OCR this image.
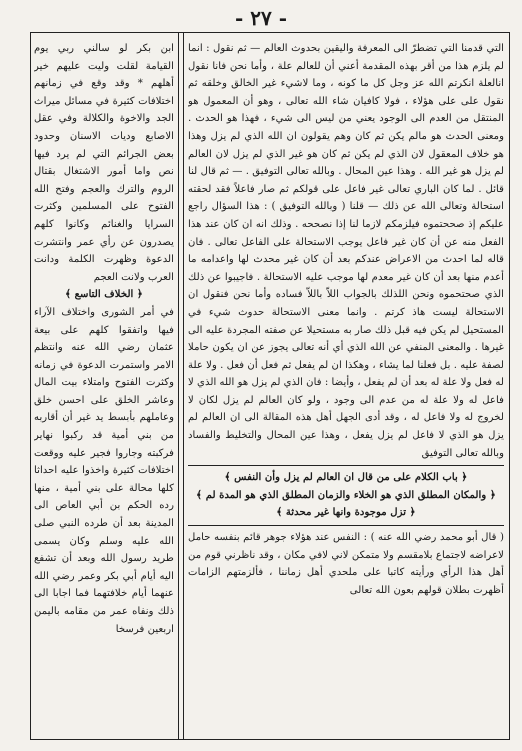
- ٢٧ -

التي قدمنا التي تضطرّ الى المعرفة واليقين بحدوث العالم — ثم نقول : انما لم يلزم هذا من أقر بهذه المقدمة أعني أن للعالم علة ، وأما نحن فانا نقول انالعلة انكرتم الله عز وجل كل ما كونه ، وما لاشيء غير الخالق وخلقه ثم نقول على على هؤلاء ، فولا كافيان شاء الله تعالى ، وهو أن المعمول هو المنتقل من العدم الى الوجود يعني من ليس الى شيء ، فهذا هو الحدث . ومعنى الحدث هو مالم يكن ثم كان وهم يقولون ان الله الذي لم يزل وهذا هو خلاف المعقول لان الذي لم يكن ثم كان هو غير الذي لم يزل لان العالم لم يزل هو غير الله . وهذا عين المحال . وبالله تعالى التوفيق . — ثم قال لنا قائل . لما كان الباري تعالى غير فاعل على قولكم ثم صار فاعلاً فقد لحقته استحالة وتعالى الله عن ذلك — قلنا ( وبالله التوفيق ) : هذا السؤال راجع عليكم إذ صححتموه فيلزمكم لازما لنا إذا نصححه . وذلك انه ان كان عند هذا الفعل منه عن أن كان غير فاعل يوجب الاستحالة على الفاعل تعالى . فان قاله لما احدث من الاعراض عندكم بعد أن كان غير محدث لها واعدامه ما أعدم منها بعد أن كان غير معدم لها موجب عليه الاستحالة . فاجيبوا عن ذلك الذي صحتحموه ونحن اللذلك بالجواب اللاّ باللاّ فساده وأما نحن فنقول ان الاستحالة ليست هاذ كرتم . وانما معنى الاستحالة حدوث شيء في المستحيل لم يكن فيه قبل ذلك صار به مستحيلا عن صفته المجردة عليه الى غيرها . والمعنى المنفي عن الله الذي أي أنه تعالى يجوز عن ان يكون حاملا لصفة عليه . بل فعلنا لما يشاء ، وهكذا ان لم يفعل ثم فعل أن فعل . ولا علة له فعل ولا علة له بعد أن لم يفعل ، وأيضا : فان الذي لم يزل هو الله الذي لا فاعل له ولا علة له من عدم الى وجود ، ولو كان العالم لم يزل لكان لا لخروج له ولا فاعل له ، وقد أدى الجهل أهل هذه المقالة الى ان العالم لم يزل هو الذي لا فاعل لم يزل يفعل ، وهذا عين المحال والتخليط والفساد وبالله تعالى التوفيق

﴿ باب الكلام على من قال ان العالم لم يزل وأن النفس ﴾

﴿ والمكان المطلق الذي هو الخلاء والزمان المطلق الذي هو المدة لم ﴾

﴿ تزل موجودة وانها غير محدثة ﴾

( قال أبو محمد رضي الله عنه ) : النفس عند هؤلاء جوهر قائم بنفسه حامل لاعراضه لاجتماع بلامقسم ولا متمكن لاني لافي مكان ، وقد ناظرني قوم من أهل هذا الرأي ورأيته كاتبا على ملحدي أهل زماننا ، فألزمتهم الزامات أظهرت بطلان قولهم بعون الله تعالى

ابن بكر لو سالني ربي يوم القيامة لقلت وليت عليهم خير أهلهم * وقد وقع في زمانهم اختلافات كثيرة في مسائل ميراث الجد والاخوة والكلالة وفي عقل الاصابع وديات الاسنان وحدود بعض الجرائم التي لم يرد فيها نص واما أمور الاشتغال بقتال الروم والترك والعجم وفتح الله الفتوح على المسلمين وكثرت السرايا والغنائم وكانوا كلهم يصدرون عن رأي عمر وانتشرت الدعوة وظهرت الكلمة ودانت العرب ولانت العجم

﴿ الخلاف التاسع ﴾

في أمر الشورى واختلاف الآراء فيها واتفقوا كلهم على بيعة عثمان رضي الله عنه وانتظم الامر واستمرت الدعوة في زمانه وكثرت الفتوح وامتلاء بيت المال وعاشر الخلق على احسن خلق وعاملهم بأبسط يد غير أن أقاربه من بني أمية قد ركبوا نهاير فركبته وجاروا فجير عليه ووقعت اختلافات كثيرة واخذوا عليه احداثا كلها محالة على بني أمية ، منها رده الحكم بن أبي العاص الى المدينة بعد أن طرده النبي صلى الله عليه وسلم وكان يسمى طريد رسول الله وبعد أن تشفع اليه أيام أبي بكر وعمر رضي الله عنهما أيام خلافتهما فما اجابا الى ذلك ونفاه عمر من مقامه باليمن اربعين فرسخا
